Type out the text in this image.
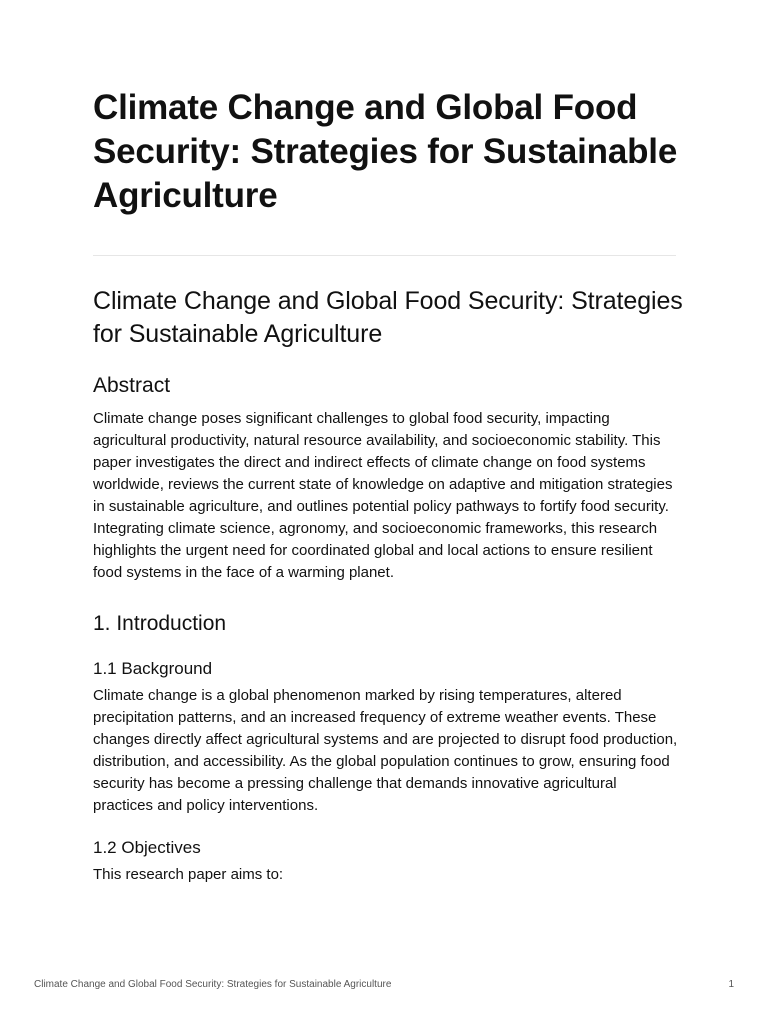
Climate Change and Global Food Security: Strategies for Sustainable Agriculture
Climate Change and Global Food Security: Strategies for Sustainable Agriculture
Abstract

Climate change poses significant challenges to global food security, impacting agricultural productivity, natural resource availability, and socioeconomic stability. This paper investigates the direct and indirect effects of climate change on food systems worldwide, reviews the current state of knowledge on adaptive and mitigation strategies in sustainable agriculture, and outlines potential policy pathways to fortify food security. Integrating climate science, agronomy, and socioeconomic frameworks, this research highlights the urgent need for coordinated global and local actions to ensure resilient food systems in the face of a warming planet.

1. Introduction
1.1 Background

Climate change is a global phenomenon marked by rising temperatures, altered precipitation patterns, and an increased frequency of extreme weather events. These changes directly affect agricultural systems and are projected to disrupt food production, distribution, and accessibility. As the global population continues to grow, ensuring food security has become a pressing challenge that demands innovative agricultural practices and policy interventions.

1.2 Objectives

This research paper aims to:

Climate Change and Global Food Security: Strategies for Sustainable Agriculture	1
